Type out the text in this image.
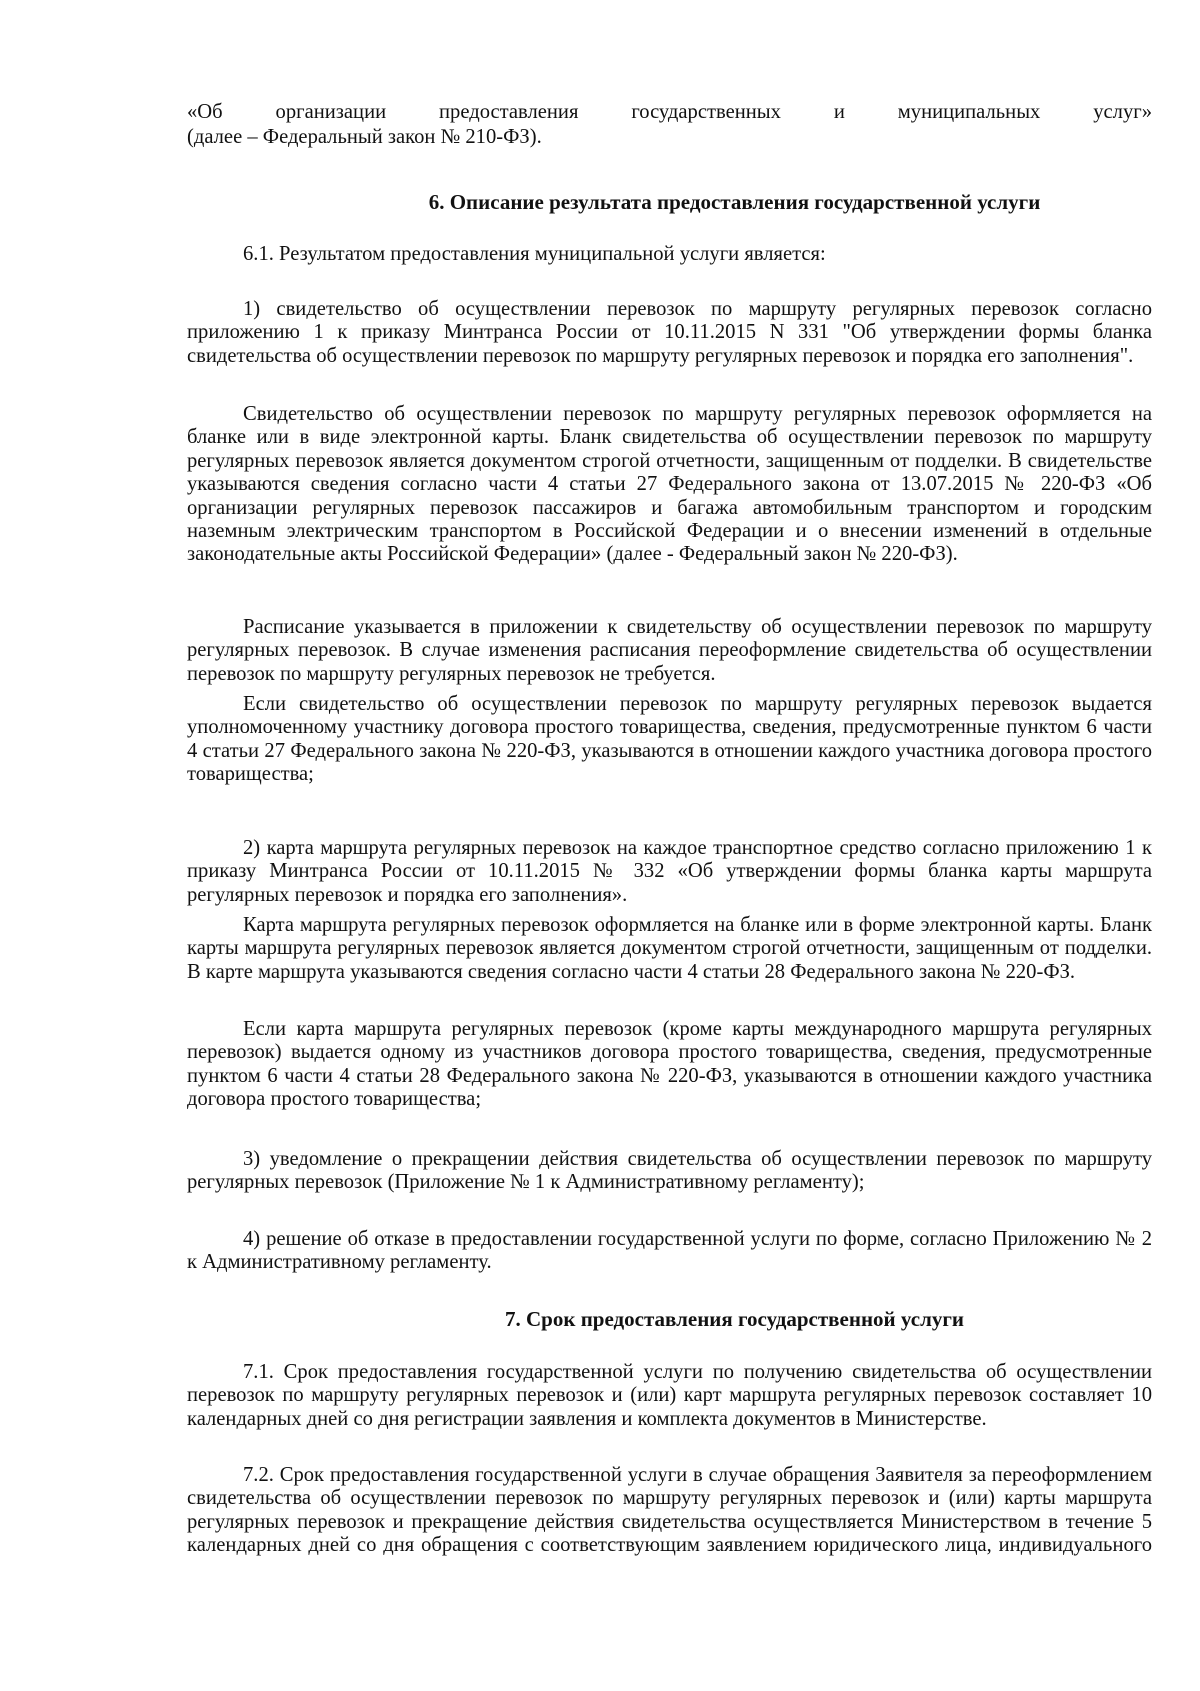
«Об организации предоставления государственных и муниципальных услуг»

(далее – Федеральный закон № 210-ФЗ).

6. Описание результата предоставления государственной услуги

6.1. Результатом предоставления муниципальной услуги является:

1) свидетельство об осуществлении перевозок по маршруту регулярных перевозок согласно приложению 1 к приказу Минтранса России от 10.11.2015 N 331 "Об утверждении формы бланка свидетельства об осуществлении перевозок по маршруту регулярных перевозок и порядка его заполнения".

Свидетельство об осуществлении перевозок по маршруту регулярных перевозок оформляется на бланке или в виде электронной карты. Бланк свидетельства об осуществлении перевозок по маршруту регулярных перевозок является документом строгой отчетности, защищенным от подделки. В свидетельстве указываются сведения согласно части 4 статьи 27 Федерального закона от 13.07.2015 № 220-ФЗ «Об организации регулярных перевозок пассажиров и багажа автомобильным транспортом и городским наземным электрическим транспортом в Российской Федерации и о внесении изменений в отдельные законодательные акты Российской Федерации» (далее - Федеральный закон № 220-ФЗ).

Расписание указывается в приложении к свидетельству об осуществлении перевозок по маршруту регулярных перевозок. В случае изменения расписания переоформление свидетельства об осуществлении перевозок по маршруту регулярных перевозок не требуется.

Если свидетельство об осуществлении перевозок по маршруту регулярных перевозок выдается уполномоченному участнику договора простого товарищества, сведения, предусмотренные пунктом 6 части 4 статьи 27 Федерального закона № 220-ФЗ, указываются в отношении каждого участника договора простого товарищества;

2) карта маршрута регулярных перевозок на каждое транспортное средство согласно приложению 1 к приказу Минтранса России от 10.11.2015 № 332 «Об утверждении формы бланка карты маршрута регулярных перевозок и порядка его заполнения».

Карта маршрута регулярных перевозок оформляется на бланке или в форме электронной карты. Бланк карты маршрута регулярных перевозок является документом строгой отчетности, защищенным от подделки. В карте маршрута указываются сведения согласно части 4 статьи 28 Федерального закона № 220-ФЗ.

Если карта маршрута регулярных перевозок (кроме карты международного маршрута регулярных перевозок) выдается одному из участников договора простого товарищества, сведения, предусмотренные пунктом 6 части 4 статьи 28 Федерального закона № 220-ФЗ, указываются в отношении каждого участника договора простого товарищества;

3) уведомление о прекращении действия свидетельства об осуществлении перевозок по маршруту регулярных перевозок (Приложение № 1 к Административному регламенту);

4) решение об отказе в предоставлении государственной услуги по форме, согласно Приложению № 2 к Административному регламенту.

7. Срок предоставления государственной услуги

7.1. Срок предоставления государственной услуги по получению свидетельства об осуществлении перевозок по маршруту регулярных перевозок и (или) карт маршрута регулярных перевозок составляет 10 календарных дней со дня регистрации заявления и комплекта документов в Министерстве.

7.2. Срок предоставления государственной услуги в случае обращения Заявителя за переоформлением свидетельства об осуществлении перевозок по маршруту регулярных перевозок и (или) карты маршрута регулярных перевозок и прекращение действия свидетельства осуществляется Министерством в течение 5 календарных дней со дня обращения с соответствующим заявлением юридического лица, индивидуального
